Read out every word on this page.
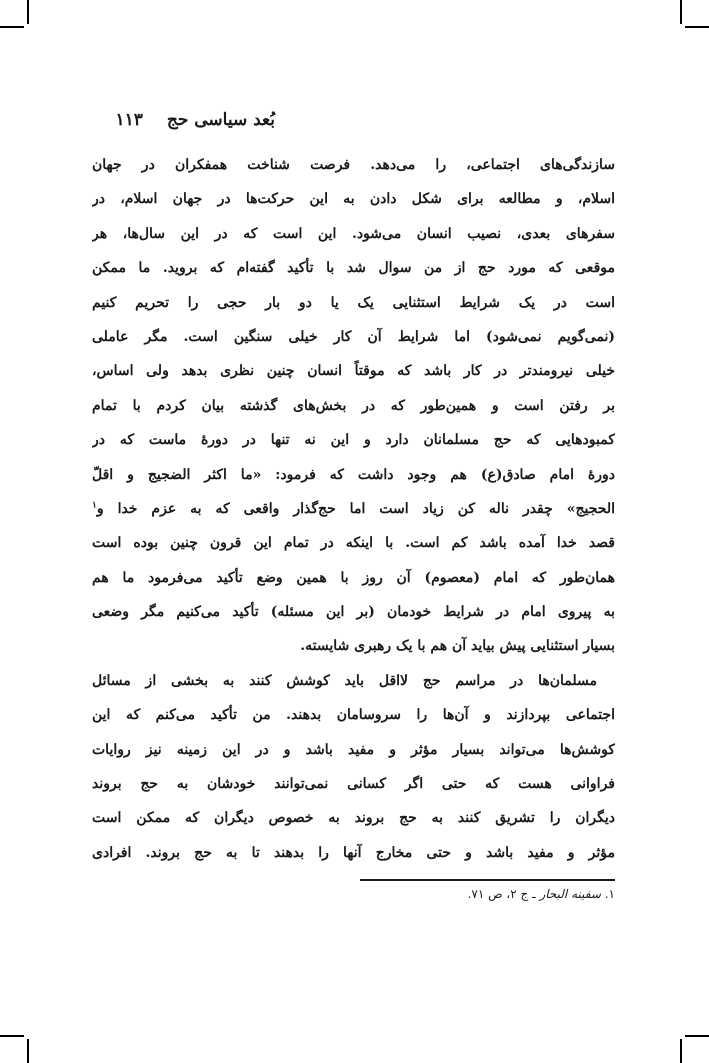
بُعد سیاسی حج۱۱۳
سازندگی‌های اجتماعی، را می‌دهد. فرصت شناخت همفکران در جهان
اسلام، و مطالعه برای شکل دادن به این حرکت‌ها در جهان اسلام، در
سفرهای بعدی، نصیب انسان می‌شود. این است که در این سال‌ها، هر
موقعی که مورد حج از من سوال شد با تأکید گفته‌ام که بروید. ما ممکن
است در یک شرایط استثنایی یک یا دو بار حجی را تحریم کنیم
(نمی‌گویم نمی‌شود) اما شرایط آن کار خیلی سنگین است. مگر عاملی
خیلی نیرومندتر در کار باشد که موقتاً انسان چنین نظری بدهد ولی اساس،
بر رفتن است و همین‌طور که در بخش‌های گذشته بیان کردم با تمام
کمبودهایی که حج مسلمانان دارد و این نه تنها در دورهٔ ماست که در
دورهٔ امام صادق(ع) هم وجود داشت که فرمود: «ما اکثر الضجیج و اقلّ
الحجیج» چقدر ناله کن زیاد است اما حج‌گذار واقعی که به عزم خدا و$^۱$
قصد خدا آمده باشد کم است. با اینکه در تمام این قرون چنین بوده است
همان‌طور که امام (معصوم) آن روز با همین وضع تأکید می‌فرمود ما هم
به پیروی امام در شرایط خودمان (بر این مسئله) تأکید می‌کنیم مگر وضعی
بسیار استثنایی پیش بیاید آن هم با یک رهبری شایسته.
مسلمان‌ها در مراسم حج لااقل باید کوشش کنند به بخشی از مسائل
اجتماعی بپردازند و آن‌ها را سروسامان بدهند. من تأکید می‌کنم که این
کوشش‌ها می‌تواند بسیار مؤثر و مفید باشد و در این زمینه نیز روایات
فراوانی هست که حتی اگر کسانی نمی‌توانند خودشان به حج بروند
دیگران را تشریق کنند به حج بروند به خصوص دیگران که ممکن است
مؤثر و مفید باشد و حتی مخارج آنها را بدهند تا به حج بروند. افرادی
۱. سفینه البحار ـ ج ۲، ص ۷۱.
